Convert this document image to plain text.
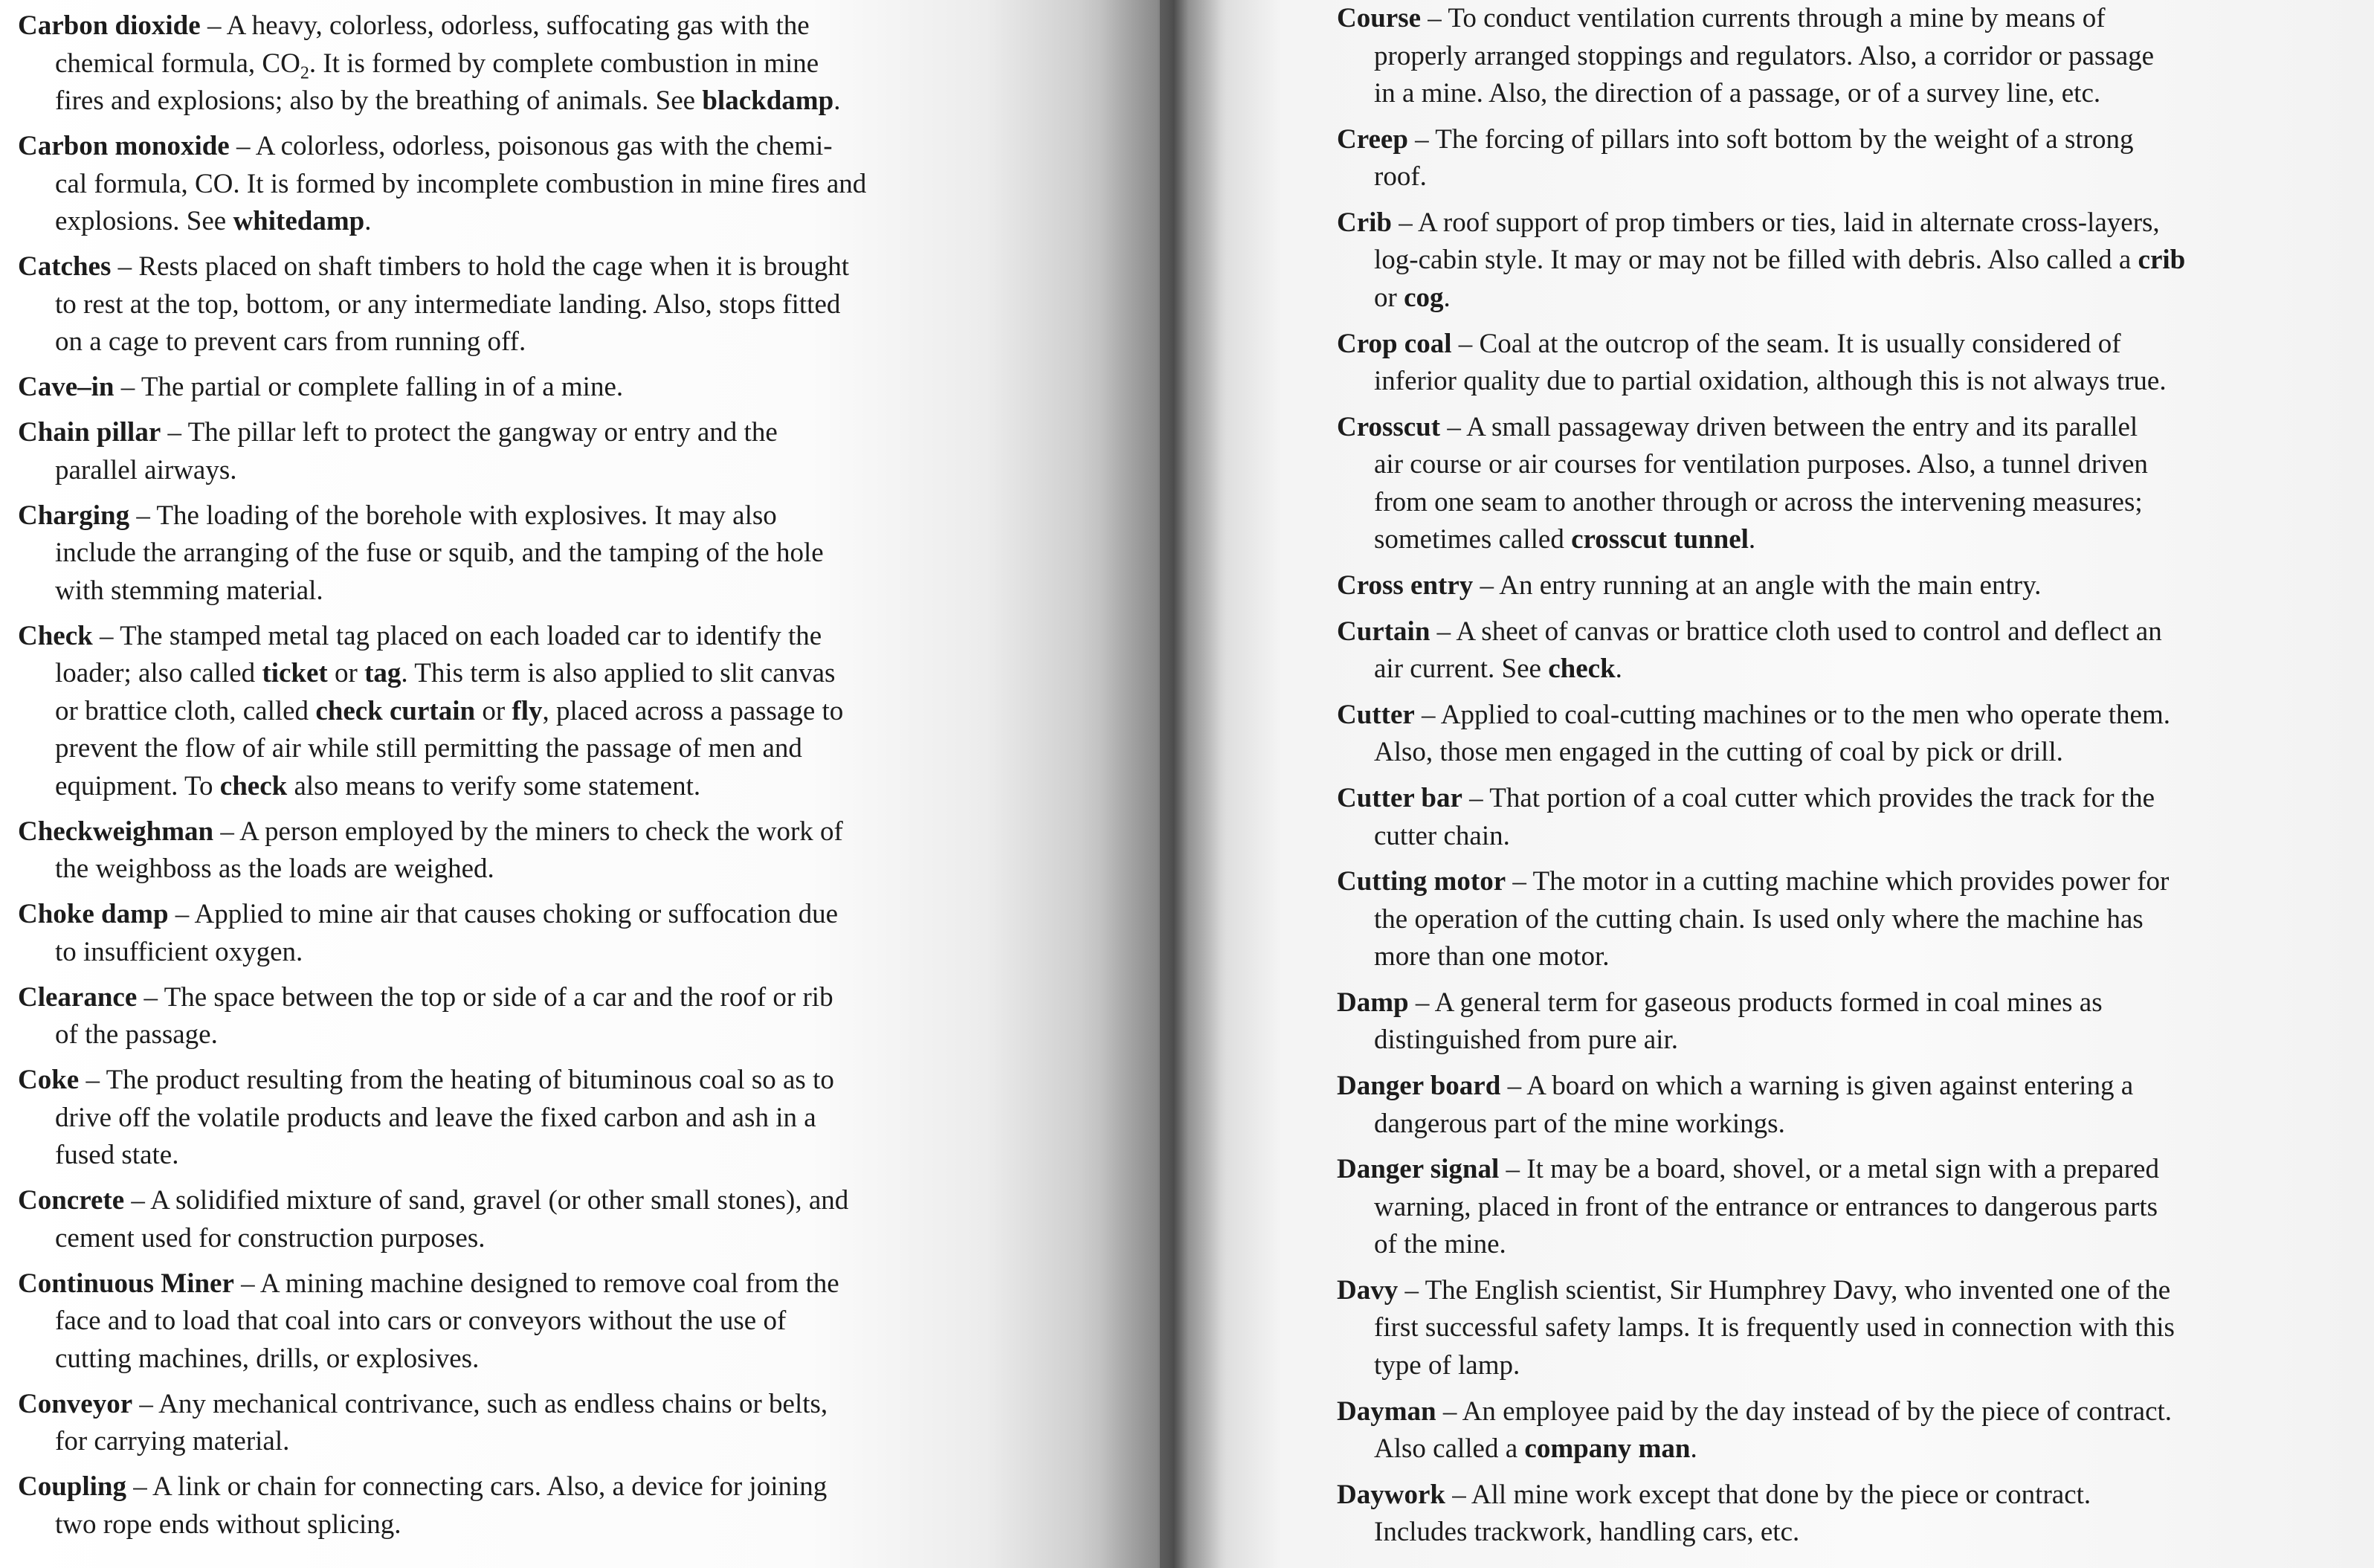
Carbon dioxide – A heavy, colorless, odorless, suffocating gas with the
chemical formula, $CO_2$. It is formed by complete combustion in mine
fires and explosions; also by the breathing of animals. See blackdamp.
Carbon monoxide – A colorless, odorless, poisonous gas with the chemi-
cal formula, CO. It is formed by incomplete combustion in mine fires and
explosions. See whitedamp.
Catches – Rests placed on shaft timbers to hold the cage when it is brought
to rest at the top, bottom, or any intermediate landing. Also, stops fitted
on a cage to prevent cars from running off.
Cave–in – The partial or complete falling in of a mine.
Chain pillar – The pillar left to protect the gangway or entry and the
parallel airways.
Charging – The loading of the borehole with explosives. It may also
include the arranging of the fuse or squib, and the tamping of the hole
with stemming material.
Check – The stamped metal tag placed on each loaded car to identify the
loader; also called ticket or tag. This term is also applied to slit canvas
or brattice cloth, called check curtain or fly, placed across a passage to
prevent the flow of air while still permitting the passage of men and
equipment. To check also means to verify some statement.
Checkweighman – A person employed by the miners to check the work of
the weighboss as the loads are weighed.
Choke damp – Applied to mine air that causes choking or suffocation due
to insufficient oxygen.
Clearance – The space between the top or side of a car and the roof or rib
of the passage.
Coke – The product resulting from the heating of bituminous coal so as to
drive off the volatile products and leave the fixed carbon and ash in a
fused state.
Concrete – A solidified mixture of sand, gravel (or other small stones), and
cement used for construction purposes.
Continuous Miner – A mining machine designed to remove coal from the
face and to load that coal into cars or conveyors without the use of
cutting machines, drills, or explosives.
Conveyor – Any mechanical contrivance, such as endless chains or belts,
for carrying material.
Coupling – A link or chain for connecting cars. Also, a device for joining
two rope ends without splicing.
Course – To conduct ventilation currents through a mine by means of
properly arranged stoppings and regulators. Also, a corridor or passage
in a mine. Also, the direction of a passage, or of a survey line, etc.
Creep – The forcing of pillars into soft bottom by the weight of a strong
roof.
Crib – A roof support of prop timbers or ties, laid in alternate cross-layers,
log-cabin style. It may or may not be filled with debris. Also called a crib
or cog.
Crop coal – Coal at the outcrop of the seam. It is usually considered of
inferior quality due to partial oxidation, although this is not always true.
Crosscut – A small passageway driven between the entry and its parallel
air course or air courses for ventilation purposes. Also, a tunnel driven
from one seam to another through or across the intervening measures;
sometimes called crosscut tunnel.
Cross entry – An entry running at an angle with the main entry.
Curtain – A sheet of canvas or brattice cloth used to control and deflect an
air current. See check.
Cutter – Applied to coal-cutting machines or to the men who operate them.
Also, those men engaged in the cutting of coal by pick or drill.
Cutter bar – That portion of a coal cutter which provides the track for the
cutter chain.
Cutting motor – The motor in a cutting machine which provides power for
the operation of the cutting chain. Is used only where the machine has
more than one motor.
Damp – A general term for gaseous products formed in coal mines as
distinguished from pure air.
Danger board – A board on which a warning is given against entering a
dangerous part of the mine workings.
Danger signal – It may be a board, shovel, or a metal sign with a prepared
warning, placed in front of the entrance or entrances to dangerous parts
of the mine.
Davy – The English scientist, Sir Humphrey Davy, who invented one of the
first successful safety lamps. It is frequently used in connection with this
type of lamp.
Dayman – An employee paid by the day instead of by the piece of contract.
Also called a company man.
Daywork – All mine work except that done by the piece or contract.
Includes trackwork, handling cars, etc.
